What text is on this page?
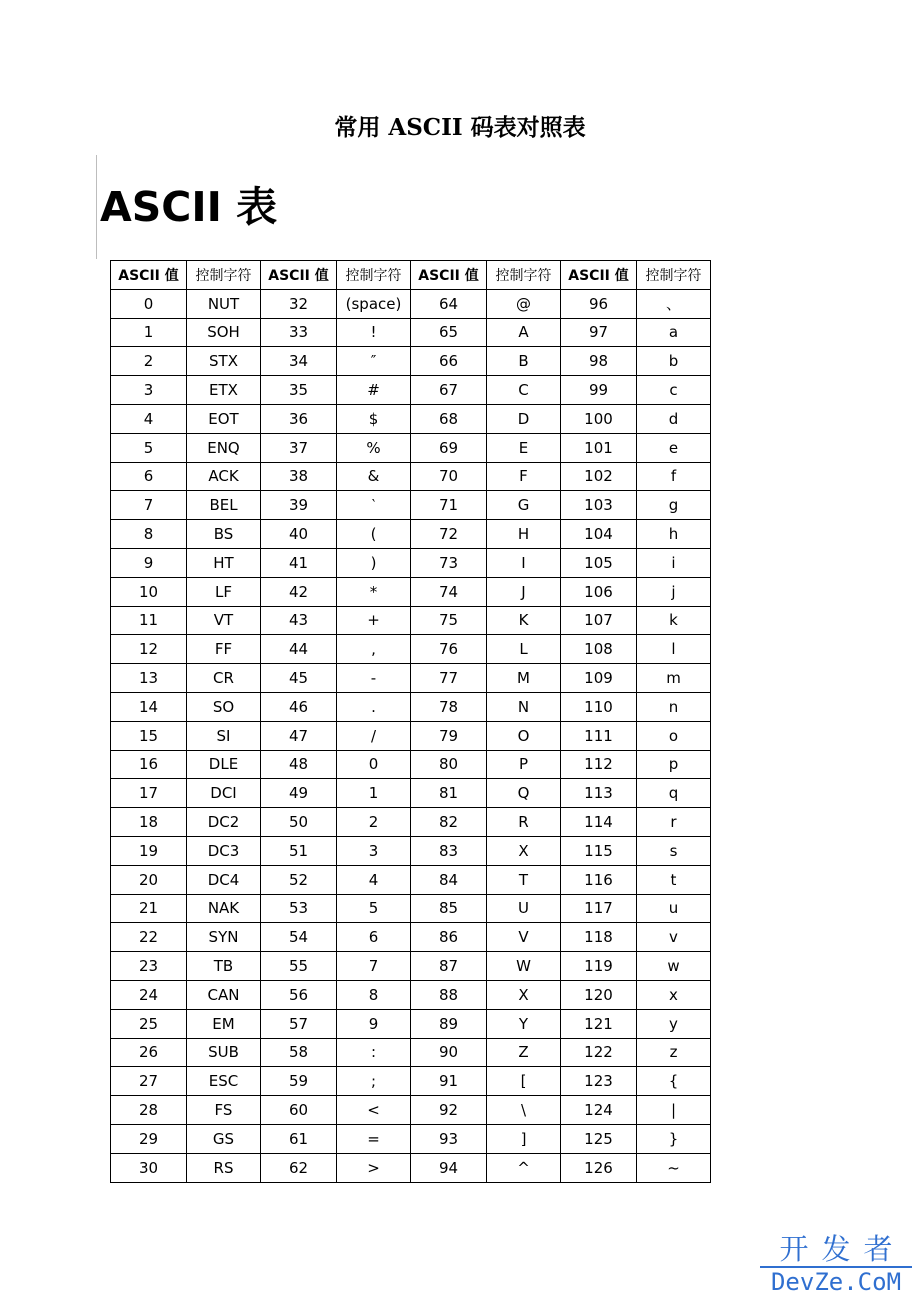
常用 ASCII 码表对照表
ASCII 表
ASCII 值	控制字符	ASCII 值	控制字符	ASCII 值	控制字符	ASCII 值	控制字符
0	NUT	32	(space)	64	@	96	、
1	SOH	33	!	65	A	97	a
2	STX	34	″	66	B	98	b
3	ETX	35	#	67	C	99	c
4	EOT	36	$	68	D	100	d
5	ENQ	37	%	69	E	101	e
6	ACK	38	&	70	F	102	f
7	BEL	39	‵	71	G	103	g
8	BS	40	(	72	H	104	h
9	HT	41	)	73	I	105	i
10	LF	42	*	74	J	106	j
11	VT	43	+	75	K	107	k
12	FF	44	,	76	L	108	l
13	CR	45	-	77	M	109	m
14	SO	46	.	78	N	110	n
15	SI	47	/	79	O	111	o
16	DLE	48	0	80	P	112	p
17	DCI	49	1	81	Q	113	q
18	DC2	50	2	82	R	114	r
19	DC3	51	3	83	X	115	s
20	DC4	52	4	84	T	116	t
21	NAK	53	5	85	U	117	u
22	SYN	54	6	86	V	118	v
23	TB	55	7	87	W	119	w
24	CAN	56	8	88	X	120	x
25	EM	57	9	89	Y	121	y
26	SUB	58	:	90	Z	122	z
27	ESC	59	;	91	[	123	{
28	FS	60	<	92	\	124	|
29	GS	61	=	93	]	125	}
30	RS	62	>	94	^	126	~
开发者
DevZe.CoM
